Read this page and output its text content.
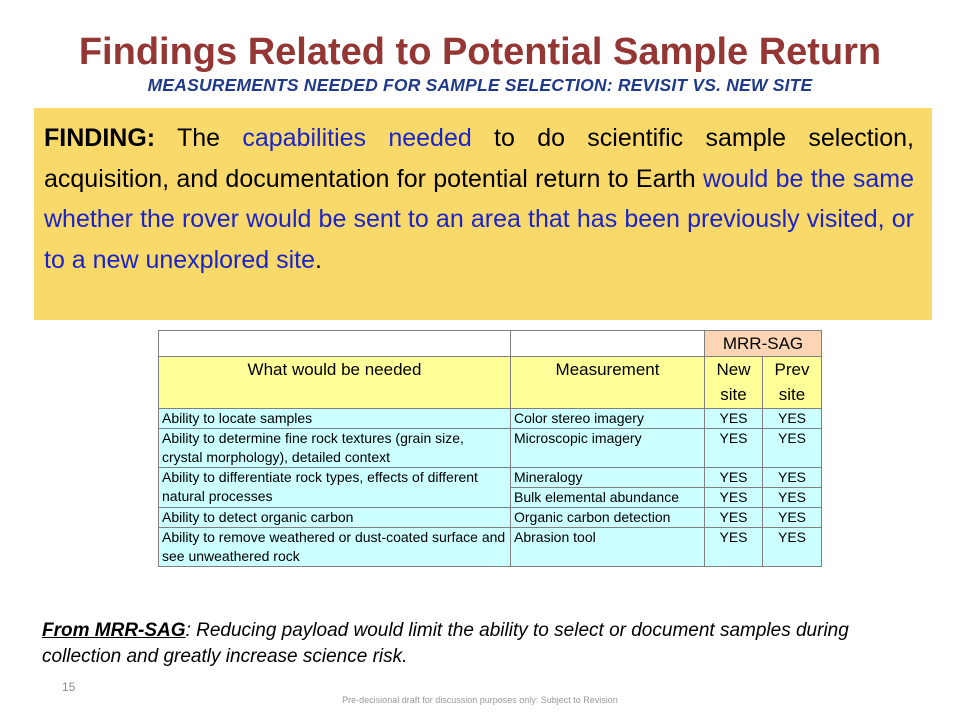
Findings Related to Potential Sample Return
MEASUREMENTS NEEDED FOR SAMPLE SELECTION: REVISIT VS. NEW SITE
FINDING: The capabilities needed to do scientific sample selection, acquisition, and documentation for potential return to Earth would be the same whether the rover would be sent to an area that has been previously visited, or to a new unexplored site.
		MRR-SAG	
What would be needed	Measurement	New site	Prev site
Ability to locate samples	Color stereo imagery	YES	YES
Ability to determine fine rock textures (grain size, crystal morphology), detailed context	Microscopic imagery	YES	YES
Ability to differentiate rock types, effects of different natural processes	Mineralogy	YES	YES
	Bulk elemental abundance	YES	YES
Ability to detect organic carbon	Organic carbon detection	YES	YES
Ability to remove weathered or dust-coated surface and see unweathered rock	Abrasion tool	YES	YES
From MRR-SAG: Reducing payload would limit the ability to select or document samples during collection and greatly increase science risk.
15
Pre-decisional draft for discussion purposes only: Subject to Revision
